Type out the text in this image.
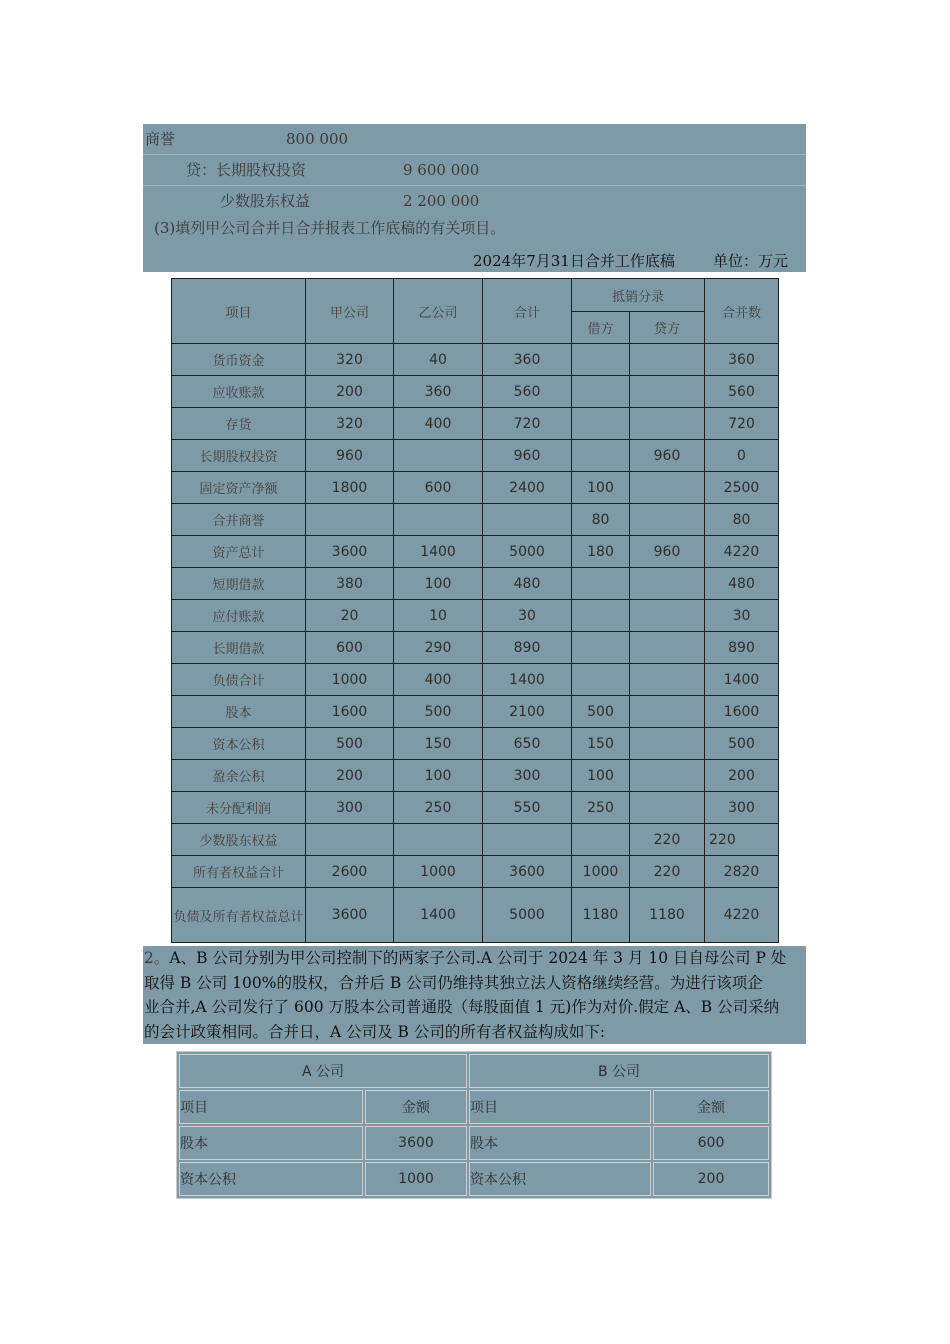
商誉	800 000
贷：长期股权投资	9 600 000
少数股东权益	2 200 000
(3)填列甲公司合并日合并报表工作底稿的有关项目。
2024年7月31日合并工作底稿	单位：万元
项目	甲公司	乙公司	合计	抵销分录		合并数
				借方	贷方	
货币资金	320	40	360			360
应收账款	200	360	560			560
存货	320	400	720			720
长期股权投资	960		960		960	0
固定资产净额	1800	600	2400	100		2500
合并商誉				80		80
资产总计	3600	1400	5000	180	960	4220
短期借款	380	100	480			480
应付账款	20	10	30			30
长期借款	600	290	890			890
负债合计	1000	400	1400			1400
股本	1600	500	2100	500		1600
资本公积	500	150	650	150		500
盈余公积	200	100	300	100		200
未分配利润	300	250	550	250		300
少数股东权益					220	220
所有者权益合计	2600	1000	3600	1000	220	2820
负债及所有者权益总计	3600	1400	5000	1180	1180	4220

2。A、B 公司分别为甲公司控制下的两家子公司.A 公司于 2024 年 3 月 10 日自母公司 P 处

取得 B 公司 100%的股权，合并后 B 公司仍维持其独立法人资格继续经营。为进行该项企

业合并,A 公司发行了 600 万股本公司普通股（每股面值 1 元)作为对价.假定 A、B 公司采纳

的会计政策相同。合并日，A 公司及 B 公司的所有者权益构成如下:

A 公司		B 公司	
项目	金额	项目	金额
股本	3600	股本	600
资本公积	1000	资本公积	200
